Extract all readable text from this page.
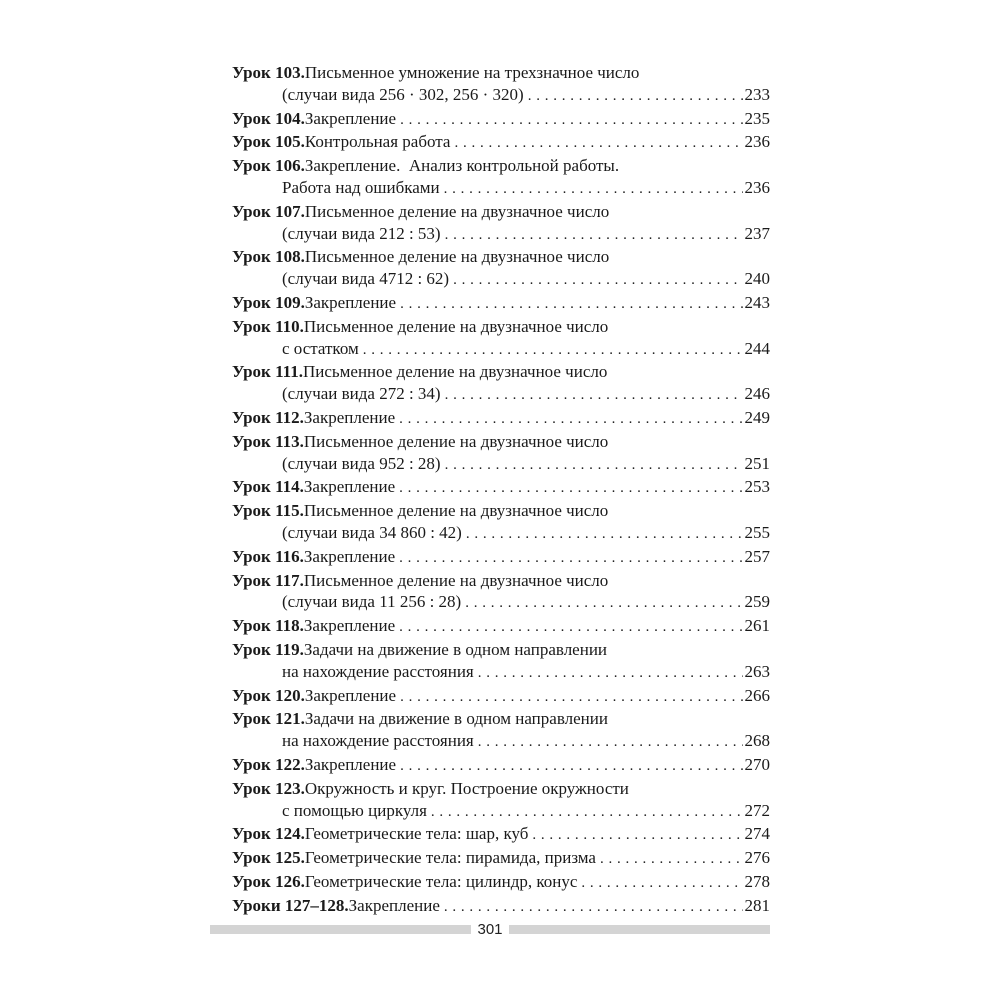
Урок 103. Письменное умножение на трехзначное число
(случаи вида 256 · 302, 256 · 320) . . .	233
Урок 104. Закрепление . . .	235
Урок 105. Контрольная работа . . .	236
Урок 106. Закрепление.  Анализ контрольной работы.
Работа над ошибками . . .	236
Урок 107. Письменное деление на двузначное число
(случаи вида 212 : 53) . . .	237
Урок 108. Письменное деление на двузначное число
(случаи вида 4712 : 62) . . .	240
Урок 109. Закрепление . . .	243
Урок 110. Письменное деление на двузначное число
с остатком . . .	244
Урок 111. Письменное деление на двузначное число
(случаи вида 272 : 34) . . .	246
Урок 112. Закрепление . . .	249
Урок 113. Письменное деление на двузначное число
(случаи вида 952 : 28) . . .	251
Урок 114. Закрепление . . .	253
Урок 115. Письменное деление на двузначное число
(случаи вида 34 860 : 42) . . .	255
Урок 116. Закрепление . . .	257
Урок 117. Письменное деление на двузначное число
(случаи вида 11 256 : 28) . . .	259
Урок 118. Закрепление . . .	261
Урок 119. Задачи на движение в одном направлении
на нахождение расстояния . . .	263
Урок 120. Закрепление . . .	266
Урок 121. Задачи на движение в одном направлении
на нахождение расстояния . . .	268
Урок 122. Закрепление . . .	270
Урок 123. Окружность и круг. Построение окружности
с помощью циркуля . . .	272
Урок 124. Геометрические тела: шар, куб . . .	274
Урок 125. Геометрические тела: пирамида, призма . . .	276
Урок 126. Геометрические тела: цилиндр, конус . . .	278
Уроки 127–128. Закрепление . . .	281
301
